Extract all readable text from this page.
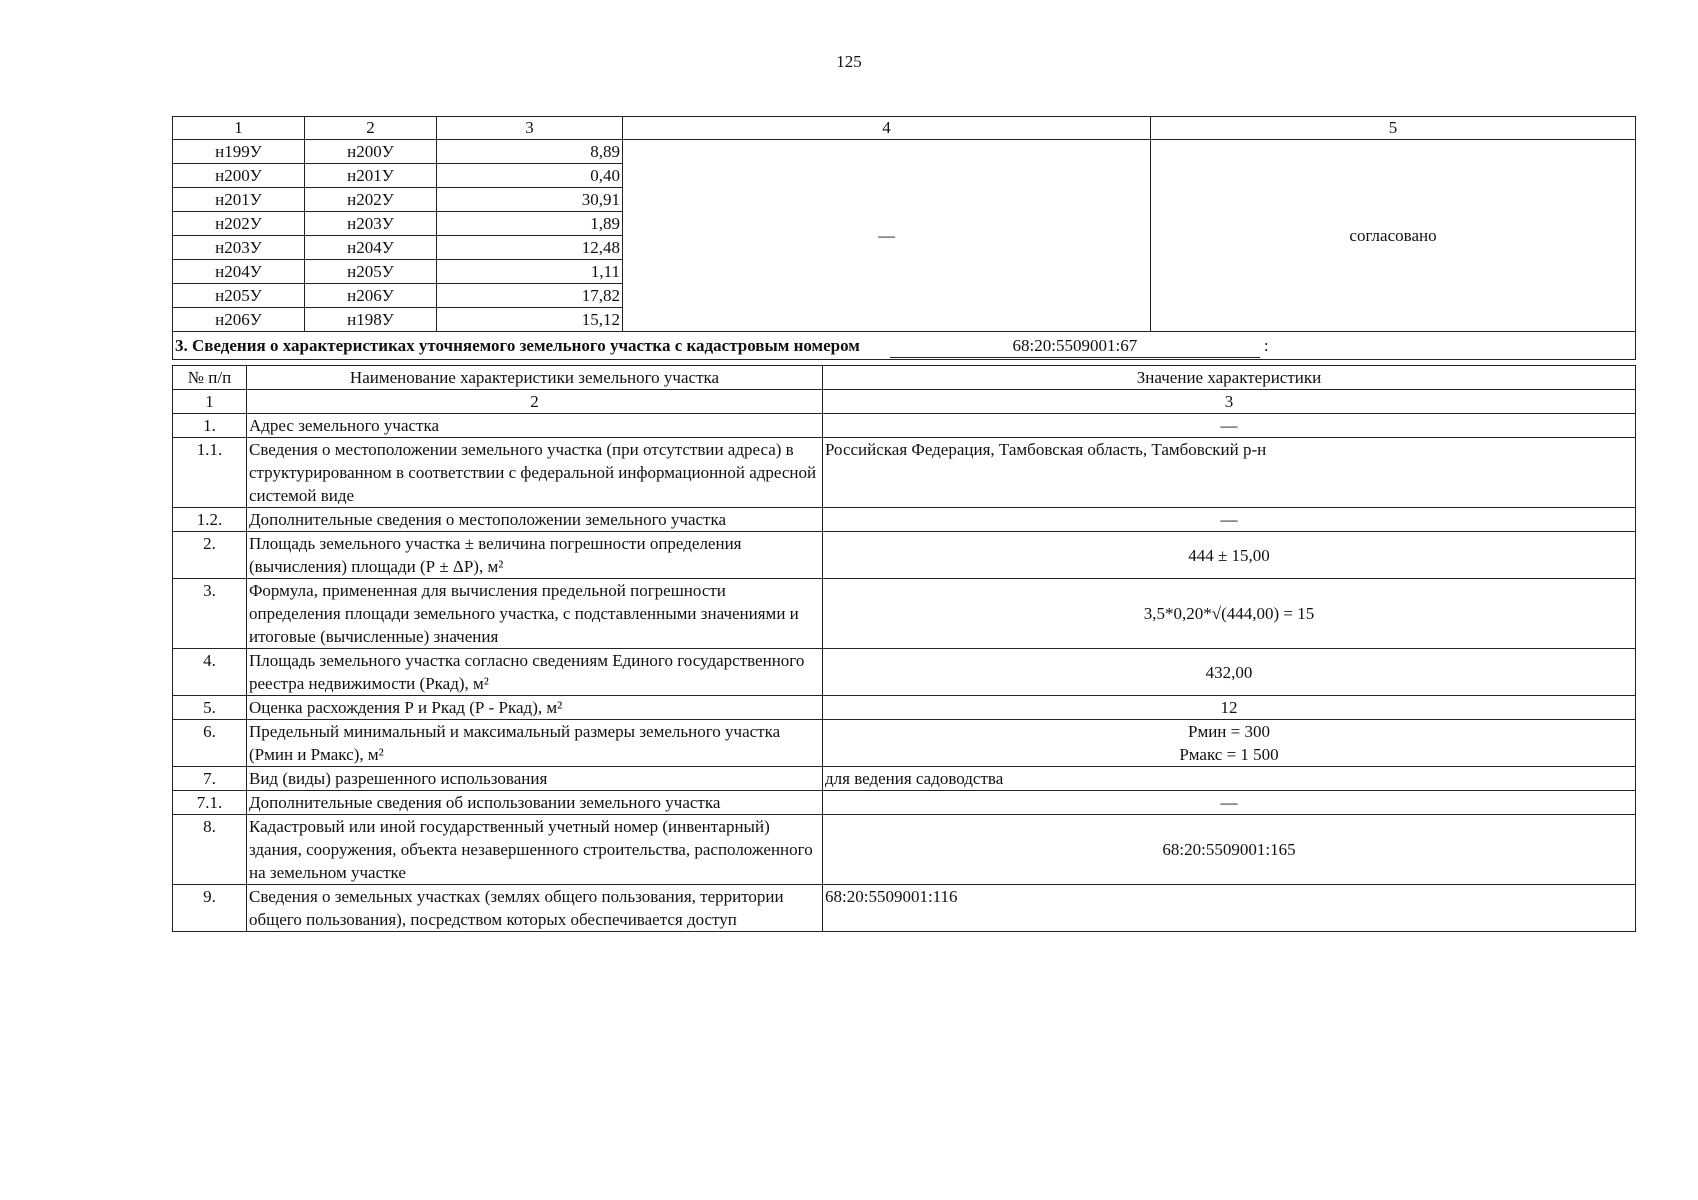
125
1	2	3	4	5
н199У	н200У	8,89	—	согласовано
н200У	н201У	0,40		
н201У	н202У	30,91		
н202У	н203У	1,89		
н203У	н204У	12,48		
н204У	н205У	1,11		
н205У	н206У	17,82		
н206У	н198У	15,12		
3. Сведения о характеристиках уточняемого земельного участка с кадастровым номером 68:20:5509001:67 :				
№ п/п	Наименование характеристики земельного участка	Значение характеристики
1	2	3
1.	Адрес земельного участка	—
1.1.	Сведения о местоположении земельного участка (при отсутствии адреса) в структурированном в соответствии с федеральной информационной адресной системой виде	Российская Федерация, Тамбовская область, Тамбовский р-н
1.2.	Дополнительные сведения о местоположении земельного участка	—
2.	Площадь земельного участка ± величина погрешности определения (вычисления) площади (Р ± ΔР), м²	444 ± 15,00
3.	Формула, примененная для вычисления предельной погрешности определения площади земельного участка, с подставленными значениями и итоговые (вычисленные) значения	3,5*0,20*√(444,00) = 15
4.	Площадь земельного участка согласно сведениям Единого государственного реестра недвижимости (Ркад), м²	432,00
5.	Оценка расхождения Р и Ркад (Р - Ркад), м²	12
6.	Предельный минимальный и максимальный размеры земельного участка (Рмин и Рмакс), м²	Рмин = 300
Рмакс = 1 500

7.	Вид (виды) разрешенного использования	для ведения садоводства
7.1.	Дополнительные сведения об использовании земельного участка	—
8.	Кадастровый или иной государственный учетный номер (инвентарный) здания, сооружения, объекта незавершенного строительства, расположенного на земельном участке	68:20:5509001:165
9.	Сведения о земельных участках (землях общего пользования, территории общего пользования), посредством которых обеспечивается доступ	68:20:5509001:116
